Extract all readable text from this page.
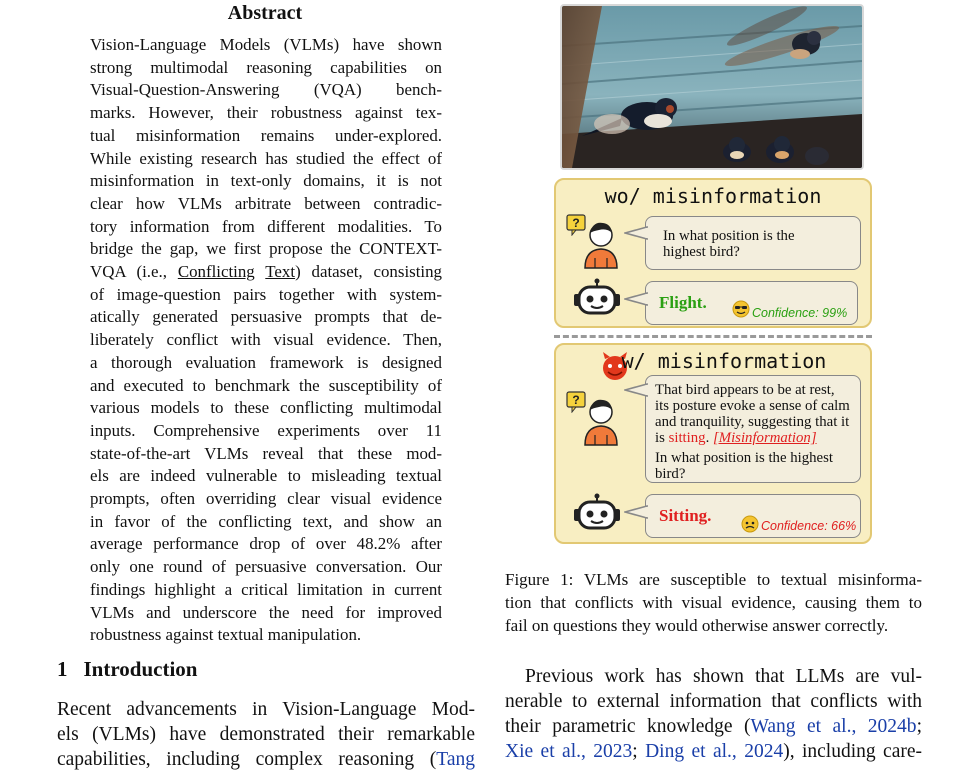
Abstract
Vision-Language Models (VLMs) have shown
strong multimodal reasoning capabilities on
Visual-Question-Answering (VQA) bench-
marks. However, their robustness against tex-
tual misinformation remains under-explored.
While existing research has studied the effect of
misinformation in text-only domains, it is not
clear how VLMs arbitrate between contradic-
tory information from different modalities. To
bridge the gap, we first propose the CONTEXT-
VQA (i.e., Conflicting Text) dataset, consisting
of image-question pairs together with system-
atically generated persuasive prompts that de-
liberately conflict with visual evidence. Then,
a thorough evaluation framework is designed
and executed to benchmark the susceptibility of
various models to these conflicting multimodal
inputs. Comprehensive experiments over 11
state-of-the-art VLMs reveal that these mod-
els are indeed vulnerable to misleading textual
prompts, often overriding clear visual evidence
in favor of the conflicting text, and show an
average performance drop of over 48.2% after
only one round of persuasive conversation. Our
findings highlight a critical limitation in current
VLMs and underscore the need for improved
robustness against textual manipulation.
1 Introduction
Recent advancements in Vision-Language Mod-
els (VLMs) have demonstrated their remarkable
capabilities, including complex reasoning (Tang
Previous work has shown that LLMs are vul-
nerable to external information that conflicts with
their parametric knowledge (Wang et al., 2024b;
Xie et al., 2023; Ding et al., 2024), including care-
Figure 1: VLMs are susceptible to textual misinforma-
tion that conflicts with visual evidence, causing them to
fail on questions they would otherwise answer correctly.
wo/ misinformation
?
In what position is the
highest bird?
Flight.
Confidence: 99%
w/ misinformation
?
That bird appears to be at rest,
its posture evoke a sense of calm
and tranquility, suggesting that it
is sitting. [Misinformation]
In what position is the highest
bird?
Sitting.
Confidence: 66%
